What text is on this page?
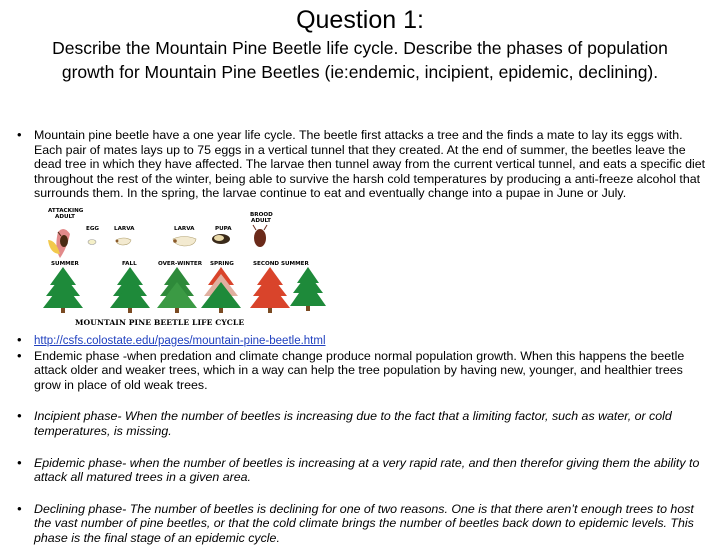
Question 1:
Describe the Mountain Pine Beetle life cycle. Describe the phases of population growth for Mountain Pine Beetles (ie:endemic, incipient, epidemic, declining).
• Mountain pine beetle have a one year life cycle. The beetle first attacks a tree and the finds a mate to lay its eggs with. Each pair of mates lays up to 75 eggs in a vertical tunnel that they created. At the end of summer, the beetles leave the dead tree in which they have affected. The larvae then tunnel away from the current vertical tunnel, and eats a specific diet throughout the rest of the winter, being able to survive the harsh cold temperatures by producing a anti-freeze alcohol that surrounds them. In the spring, the larvae continue to eat and eventually change into a pupae in June or July.
ATTACKING ADULT
EGG	LARVA	LARVA	PUPA
BROOD ADULT
SUMMER	FALL	OVER-WINTER SPRING	SECOND SUMMER
MOUNTAIN PINE BEETLE LIFE CYCLE
• http://csfs.colostate.edu/pages/mountain-pine-beetle.html
• Endemic phase -when predation and climate change produce normal population growth. When this happens the beetle attack older and weaker trees, which in a way can help the tree population by having new, younger, and healthier trees grow in place of old weak trees.
• Incipient phase- When the number of beetles is increasing due to the fact that a limiting factor, such as water, or cold temperatures, is missing.
• Epidemic phase- when the number of beetles is increasing at a very rapid rate, and then therefor giving them the ability to attack all matured trees in a given area.
• Declining phase- The number of beetles is declining for one of two reasons. One is that there aren’t enough trees to host the vast number of pine beetles, or that the cold climate brings the number of beetles back down to epidemic levels. This phase is the final stage of an epidemic cycle.
